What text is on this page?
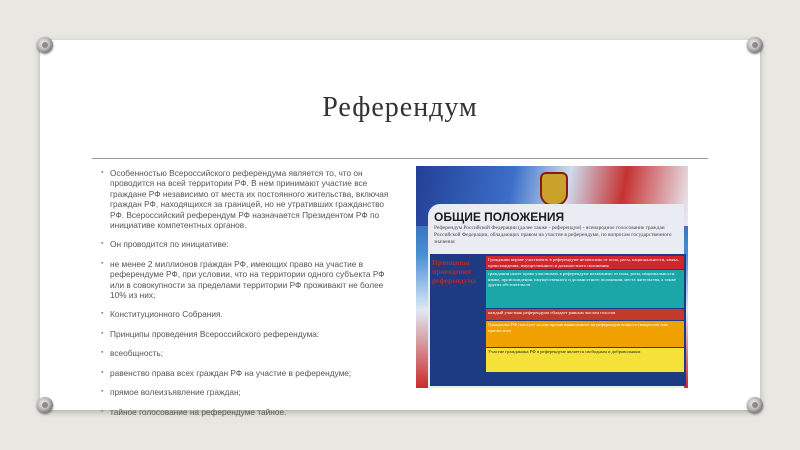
Референдум
▪ Особенностью Всероссийского референдума является то, что он проводится на всей территории РФ. В нем принимают участие все граждане РФ независимо от места их постоянного жительства, включая граждан РФ, находящихся за границей, но не утративших гражданство РФ. Всероссийский референдум РФ назначается Президентом РФ по инициативе компетентных органов.
▪ Он проводится по инициативе:
▪ не менее 2 миллионов граждан РФ, имеющих право на участие в референдуме РФ, при условии, что на территории одного субъекта РФ или в совокупности за пределами территории РФ проживают не более 10% из них;
▪ Конституционного Собрания.
▪ Принципы проведения Всероссийского референдума:
▪ всеобщность;
▪ равенство права всех граждан РФ на участие в референдуме;
▪ прямое волеизъявление граждан;
▪ тайное голосование на референдуме тайное.
ОБЩИЕ ПОЛОЖЕНИЯ
Референдум Российской Федерации (далее также - референдум) - всенародное голосование граждан Российской Федерации, обладающих правом на участие в референдуме, по вопросам государственного значения
Принципы проведения референдума
Гражданин вправе участвовать в референдуме независимо от пола, расы, национальности, языка, происхождения, имущественного и должностного положения
гражданин имеет право участвовать в референдуме независимо от пола, расы, национальности, языка, происхождения, имущественного и должностного положения, места жительства, а также других обстоятельств
каждый участник референдума обладает равным числом голосов
Гражданин РФ голосует за или против вынесенного на референдум вопроса (вопросов) или против всех
Участие гражданина РФ в референдуме является свободным и добровольным
